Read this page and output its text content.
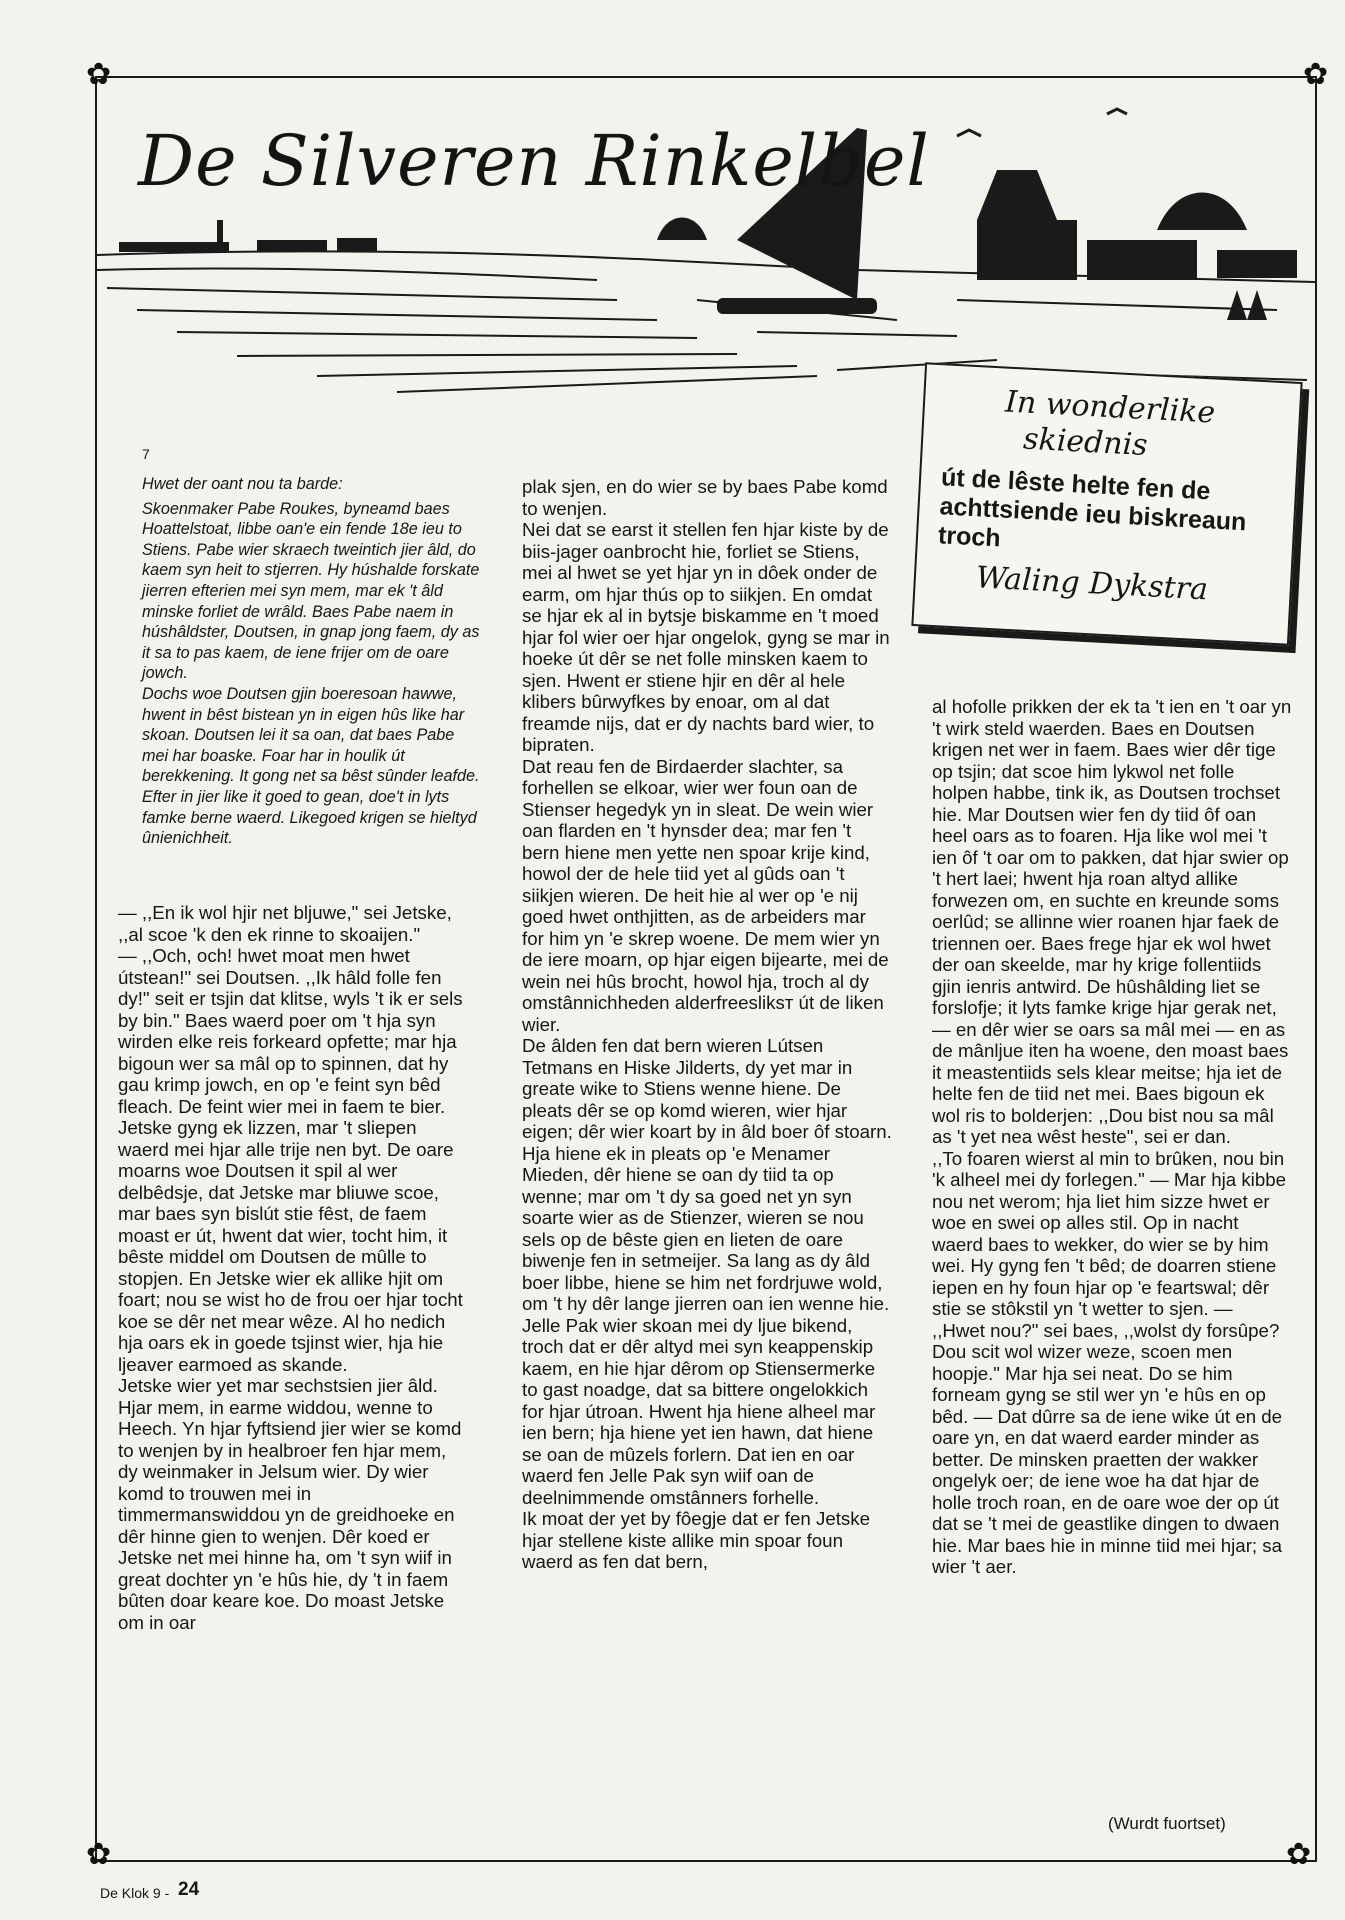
✿	✿
✿	✿
De Silveren Rinkelbel
In wonderlike
skiednis
út de lêste helte fen de achttsiende ieu biskreaun troch
Waling Dykstra
7

Hwet der oant nou ta barde:

Skoenmaker Pabe Roukes, byneamd baes Hoattelstoat, libbe oan'e ein fende 18e ieu to Stiens. Pabe wier skraech tweintich jier âld, do kaem syn heit to stjerren. Hy húshalde forskate jierren efterien mei syn mem, mar ek 't âld minske forliet de wrâld. Baes Pabe naem in húshâldster, Doutsen, in gnap jong faem, dy as it sa to pas kaem, de iene frijer om de oare jowch.

Dochs woe Doutsen gjin boeresoan hawwe, hwent in bêst bistean yn in eigen hûs like har skoan. Doutsen lei it sa oan, dat baes Pabe mei har boaske. Foar har in houlik út berekkening. It gong net sa bêst sûnder leafde.

Efter in jier like it goed to gean, doe't in lyts famke berne waerd. Likegoed krigen se hieltyd ûnienichheit.

— ,,En ik wol hjir net bljuwe," sei Jetske, ,,al scoe 'k den ek rinne to skoaijen."

— ,,Och, och! hwet moat men hwet útstean!" sei Doutsen. ,,Ik hâld folle fen dy!" seit er tsjin dat klitse, wyls 't ik er sels by bin." Baes waerd poer om 't hja syn wirden elke reis forkeard opfette; mar hja bigoun wer sa mâl op to spinnen, dat hy gau krimp jowch, en op 'e feint syn bêd fleach. De feint wier mei in faem te bier. Jetske gyng ek lizzen, mar 't sliepen waerd mei hjar alle trije nen byt. De oare moarns woe Doutsen it spil al wer delbêdsje, dat Jetske mar bliuwe scoe, mar baes syn bislút stie fêst, de faem moast er út, hwent dat wier, tocht him, it bêste middel om Doutsen de mûlle to stopjen. En Jetske wier ek allike hjit om foart; nou se wist ho de frou oer hjar tocht koe se dêr net mear wêze. Al ho nedich hja oars ek in goede tsjinst wier, hja hie ljeaver earmoed as skande.

Jetske wier yet mar sechstsien jier âld. Hjar mem, in earme widdou, wenne to Heech. Yn hjar fyftsiend jier wier se komd to wenjen by in healbroer fen hjar mem, dy weinmaker in Jelsum wier. Dy wier komd to trouwen mei in timmermanswiddou yn de greidhoeke en dêr hinne gien to wenjen. Dêr koed er Jetske net mei hinne ha, om 't syn wiif in great dochter yn 'e hûs hie, dy 't in faem bûten doar keare koe. Do moast Jetske om in oar

plak sjen, en do wier se by baes Pabe komd to wenjen.

Nei dat se earst it stellen fen hjar kiste by de biis-jager oanbrocht hie, forliet se Stiens, mei al hwet se yet hjar yn in dôek onder de earm, om hjar thús op to siikjen. En omdat se hjar ek al in bytsje biskamme en 't moed hjar fol wier oer hjar ongelok, gyng se mar in hoeke út dêr se net folle minsken kaem to sjen. Hwent er stiene hjir en dêr al hele klibers bûrwyfkes by enoar, om al dat freamde nijs, dat er dy nachts bard wier, to bipraten.

Dat reau fen de Birdaerder slachter, sa forhellen se elkoar, wier wer foun oan de Stienser hegedyk yn in sleat. De wein wier oan flarden en 't hynsder dea; mar fen 't bern hiene men yette nen spoar krije kind, howol der de hele tiid yet al gûds oan 't siikjen wieren. De heit hie al wer op 'e nij goed hwet onthjitten, as de arbeiders mar for him yn 'e skrep woene. De mem wier yn de iere moarn, op hjar eigen bijearte, mei de wein nei hûs brocht, howol hja, troch al dy omstânnichheden alderfreesliksт út de liken wier.

De âlden fen dat bern wieren Lútsen Tetmans en Hiske Jilderts, dy yet mar in greate wike to Stiens wenne hiene. De pleats dêr se op komd wieren, wier hjar eigen; dêr wier koart by in âld boer ôf stoarn. Hja hiene ek in pleats op 'e Menamer Mieden, dêr hiene se oan dy tiid ta op wenne; mar om 't dy sa goed net yn syn soarte wier as de Stienzer, wieren se nou sels op de bêste gien en lieten de oare biwenje fen in setmeijer. Sa lang as dy âld boer libbe, hiene se him net fordrjuwe wold, om 't hy dêr lange jierren oan ien wenne hie. Jelle Pak wier skoan mei dy ljue bikend, troch dat er dêr altyd mei syn keappenskip kaem, en hie hjar dêrom op Stiensermerke to gast noadge, dat sa bittere ongelokkich for hjar útroan. Hwent hja hiene alheel mar ien bern; hja hiene yet ien hawn, dat hiene se oan de mûzels forlern. Dat ien en oar waerd fen Jelle Pak syn wiif oan de deelnimmende omstânners forhelle.

Ik moat der yet by fôegje dat er fen Jetske hjar stellene kiste allike min spoar foun waerd as fen dat bern,

al hofolle prikken der ek ta 't ien en 't oar yn 't wirk steld waerden. Baes en Doutsen krigen net wer in faem. Baes wier dêr tige op tsjin; dat scoe him lykwol net folle holpen habbe, tink ik, as Doutsen trochset hie. Mar Doutsen wier fen dy tiid ôf oan heel oars as to foaren. Hja like wol mei 't ien ôf 't oar om to pakken, dat hjar swier op 't hert laei; hwent hja roan altyd allike forwezen om, en suchte en kreunde soms oerlûd; se allinne wier roanen hjar faek de triennen oer. Baes frege hjar ek wol hwet der oan skeelde, mar hy krige follentiids gjin ienris antwird. De hûshâlding liet se forslofje; it lyts famke krige hjar gerak net, — en dêr wier se oars sa mâl mei — en as de mânljue iten ha woene, den moast baes it meastentiids sels klear meitse; hja iet de helte fen de tiid net mei. Baes bigoun ek wol ris to bolderjen: ,,Dou bist nou sa mâl as 't yet nea wêst heste", sei er dan.

,,To foaren wierst al min to brûken, nou bin 'k alheel mei dy forlegen." — Mar hja kibbe nou net werom; hja liet him sizze hwet er woe en swei op alles stil. Op in nacht waerd baes to wekker, do wier se by him wei. Hy gyng fen 't bêd; de doarren stiene iepen en hy foun hjar op 'e feartswal; dêr stie se stôkstil yn 't wetter to sjen. —

,,Hwet nou?" sei baes, ,,wolst dy forsûpe? Dou scit wol wizer weze, scoen men hoopje." Mar hja sei neat. Do se him forneam gyng se stil wer yn 'e hûs en op bêd. — Dat dûrre sa de iene wike út en de oare yn, en dat waerd earder minder as better. De minsken praetten der wakker ongelyk oer; de iene woe ha dat hjar de holle troch roan, en de oare woe der op út dat se 't mei de geastlike dingen to dwaen hie. Mar baes hie in minne tiid mei hjar; sa wier 't aer.

(Wurdt fuortset)
De Klok 9 - 24
